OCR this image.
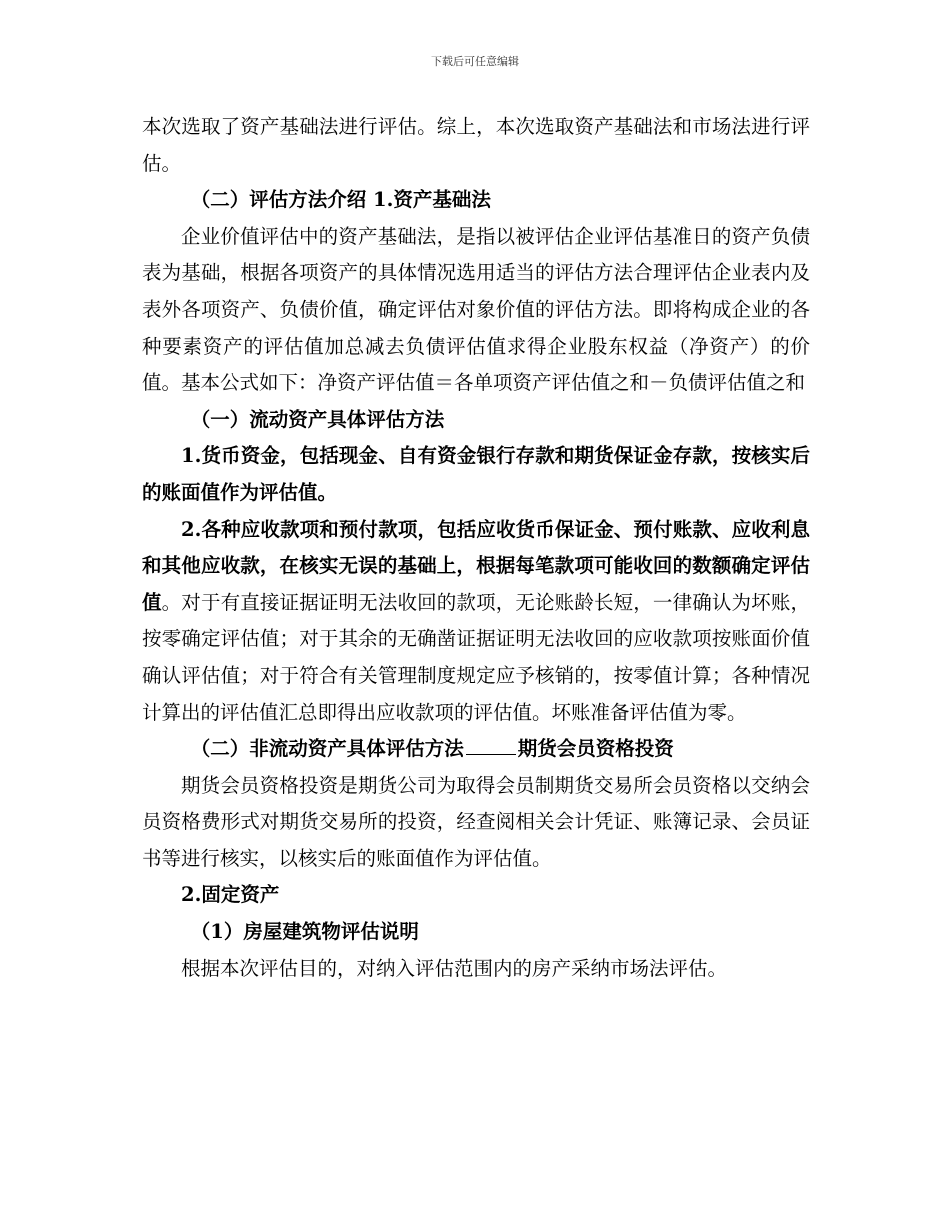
下载后可任意编辑

本次选取了资产基础法进行评估。综上，本次选取资产基础法和市场法进行评估。

（二）评估方法介绍 1.资产基础法

企业价值评估中的资产基础法，是指以被评估企业评估基准日的资产负债表为基础，根据各项资产的具体情况选用适当的评估方法合理评估企业表内及表外各项资产、负债价值，确定评估对象价值的评估方法。即将构成企业的各种要素资产的评估值加总减去负债评估值求得企业股东权益（净资产）的价值。基本公式如下：净资产评估值＝各单项资产评估值之和－负债评估值之和

（一）流动资产具体评估方法

1.货币资金，包括现金、自有资金银行存款和期货保证金存款，按核实后的账面值作为评估值。

2.各种应收款项和预付款项，包括应收货币保证金、预付账款、应收利息和其他应收款，在核实无误的基础上，根据每笔款项可能收回的数额确定评估值。对于有直接证据证明无法收回的款项，无论账龄长短，一律确认为坏账，按零确定评估值；对于其余的无确凿证据证明无法收回的应收款项按账面价值确认评估值；对于符合有关管理制度规定应予核销的，按零值计算；各种情况计算出的评估值汇总即得出应收款项的评估值。坏账准备评估值为零。

（二）非流动资产具体评估方法	期货会员资格投资

期货会员资格投资是期货公司为取得会员制期货交易所会员资格以交纳会员资格费形式对期货交易所的投资，经查阅相关会计凭证、账簿记录、会员证书等进行核实，以核实后的账面值作为评估值。

2.固定资产

（1）房屋建筑物评估说明

根据本次评估目的，对纳入评估范围内的房产采纳市场法评估。
